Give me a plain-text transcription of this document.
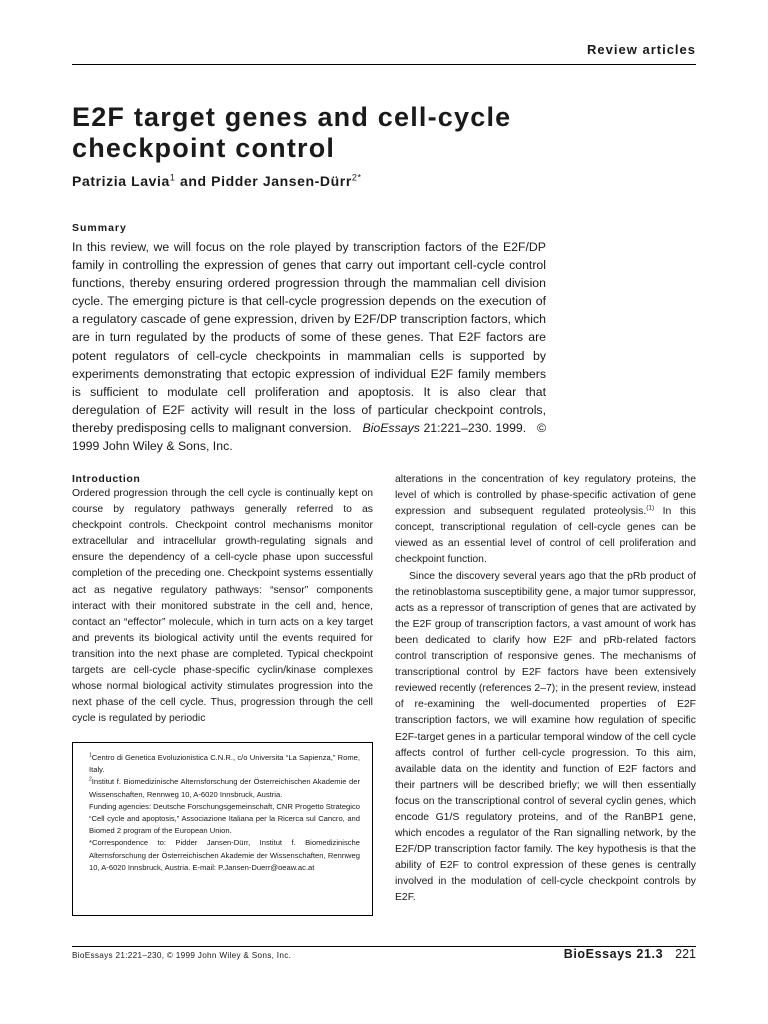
Review articles
E2F target genes and cell-cycle checkpoint control
Patrizia Lavia$^1$ and Pidder Jansen-Dürr$^{2*}$
Summary

In this review, we will focus on the role played by transcription factors of the E2F/DP family in controlling the expression of genes that carry out important cell-cycle control functions, thereby ensuring ordered progression through the mammalian cell division cycle. The emerging picture is that cell-cycle progression depends on the execution of a regulatory cascade of gene expression, driven by E2F/DP transcription factors, which are in turn regulated by the products of some of these genes. That E2F factors are potent regulators of cell-cycle checkpoints in mammalian cells is supported by experiments demonstrating that ectopic expression of individual E2F family members is sufficient to modulate cell proliferation and apoptosis. It is also clear that deregulation of E2F activity will result in the loss of particular checkpoint controls, thereby predisposing cells to malignant conversion. BioEssays 21:221–230. 1999. © 1999 John Wiley & Sons, Inc.

Introduction

Ordered progression through the cell cycle is continually kept on course by regulatory pathways generally referred to as checkpoint controls. Checkpoint control mechanisms monitor extracellular and intracellular growth-regulating signals and ensure the dependency of a cell-cycle phase upon successful completion of the preceding one. Checkpoint systems essentially act as negative regulatory pathways: “sensor” components interact with their monitored substrate in the cell and, hence, contact an “effector” molecule, which in turn acts on a key target and prevents its biological activity until the events required for transition into the next phase are completed. Typical checkpoint targets are cell-cycle phase-specific cyclin/kinase complexes whose normal biological activity stimulates progression into the next phase of the cell cycle. Thus, progression through the cell cycle is regulated by periodic

$^1$Centro di Genetica Evoluzionistica C.N.R., c/o Universita “La Sapienza,” Rome, Italy.

$^2$Institut f. Biomedizinische Alternsforschung der Österreichischen Akademie der Wissenschaften, Rennweg 10, A-6020 Innsbruck, Austria.

Funding agencies: Deutsche Forschungsgemeinschaft, CNR Progetto Strategico “Cell cycle and apoptosis,” Associazione Italiana per la Ricerca sul Cancro, and Biomed 2 program of the European Union.

*Correspondence to: Pidder Jansen-Dürr, Institut f. Biomedizinische Alternsforschung der Österreichischen Akademie der Wissenschaften, Rennweg 10, A-6020 Innsbruck, Austria. E-mail: P.Jansen-Duerr@oeaw.ac.at

alterations in the concentration of key regulatory proteins, the level of which is controlled by phase-specific activation of gene expression and subsequent regulated proteolysis.$^{(1)}$ In this concept, transcriptional regulation of cell-cycle genes can be viewed as an essential level of control of cell proliferation and checkpoint function.

Since the discovery several years ago that the pRb product of the retinoblastoma susceptibility gene, a major tumor suppressor, acts as a repressor of transcription of genes that are activated by the E2F group of transcription factors, a vast amount of work has been dedicated to clarify how E2F and pRb-related factors control transcription of responsive genes. The mechanisms of transcriptional control by E2F factors have been extensively reviewed recently (references 2–7); in the present review, instead of re-examining the well-documented properties of E2F transcription factors, we will examine how regulation of specific E2F-target genes in a particular temporal window of the cell cycle affects control of further cell-cycle progression. To this aim, available data on the identity and function of E2F factors and their partners will be described briefly; we will then essentially focus on the transcriptional control of several cyclin genes, which encode G1/S regulatory proteins, and of the RanBP1 gene, which encodes a regulator of the Ran signalling network, by the E2F/DP transcription factor family. The key hypothesis is that the ability of E2F to control expression of these genes is centrally involved in the modulation of cell-cycle checkpoint controls by E2F.

BioEssays 21:221–230, © 1999 John Wiley & Sons, Inc.	BioEssays 21.3 221
